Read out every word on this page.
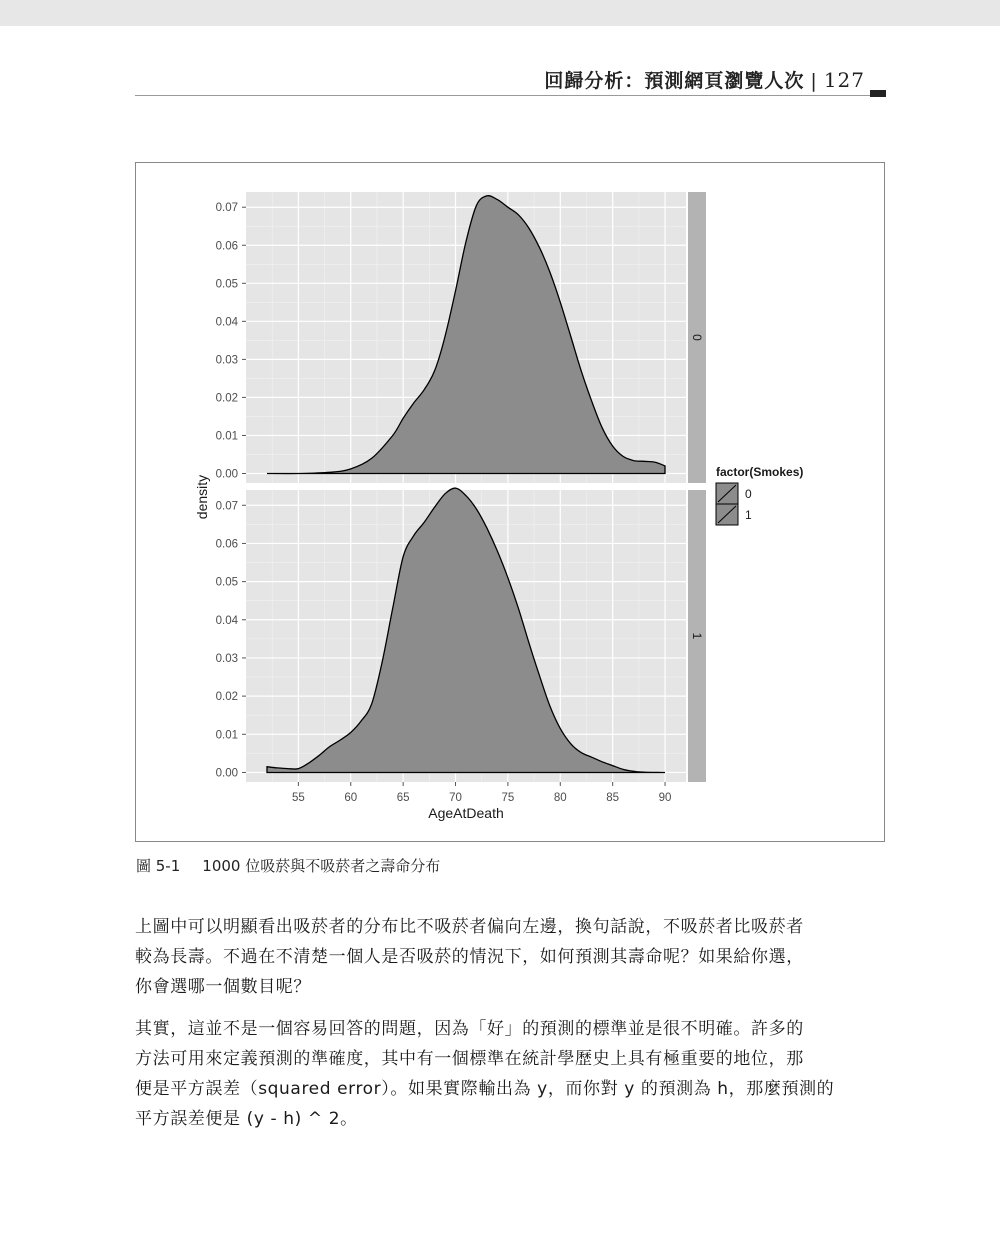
回歸分析：預測網頁瀏覽人次 | 127
0.00
0.01
0.02
0.03
0.04
0.05
0.06
0.07
0
0.00
0.01
0.02
0.03
0.04
0.05
0.06
0.07
1
55	60	65	70	75	80	85	90
AgeAtDeath
density
factor(Smokes)
0
1
圖 5-1 1000 位吸菸與不吸菸者之壽命分布
上圖中可以明顯看出吸菸者的分布比不吸菸者偏向左邊，換句話說，不吸菸者比吸菸者
較為長壽。不過在不清楚一個人是否吸菸的情況下，如何預測其壽命呢？如果給你選，
你會選哪一個數目呢？
其實，這並不是一個容易回答的問題，因為「好」的預測的標準並是很不明確。許多的
方法可用來定義預測的準確度，其中有一個標準在統計學歷史上具有極重要的地位，那
便是平方誤差（squared error）。如果實際輸出為 y，而你對 y 的預測為 h，那麼預測的
平方誤差便是 (y - h) ^ 2。
